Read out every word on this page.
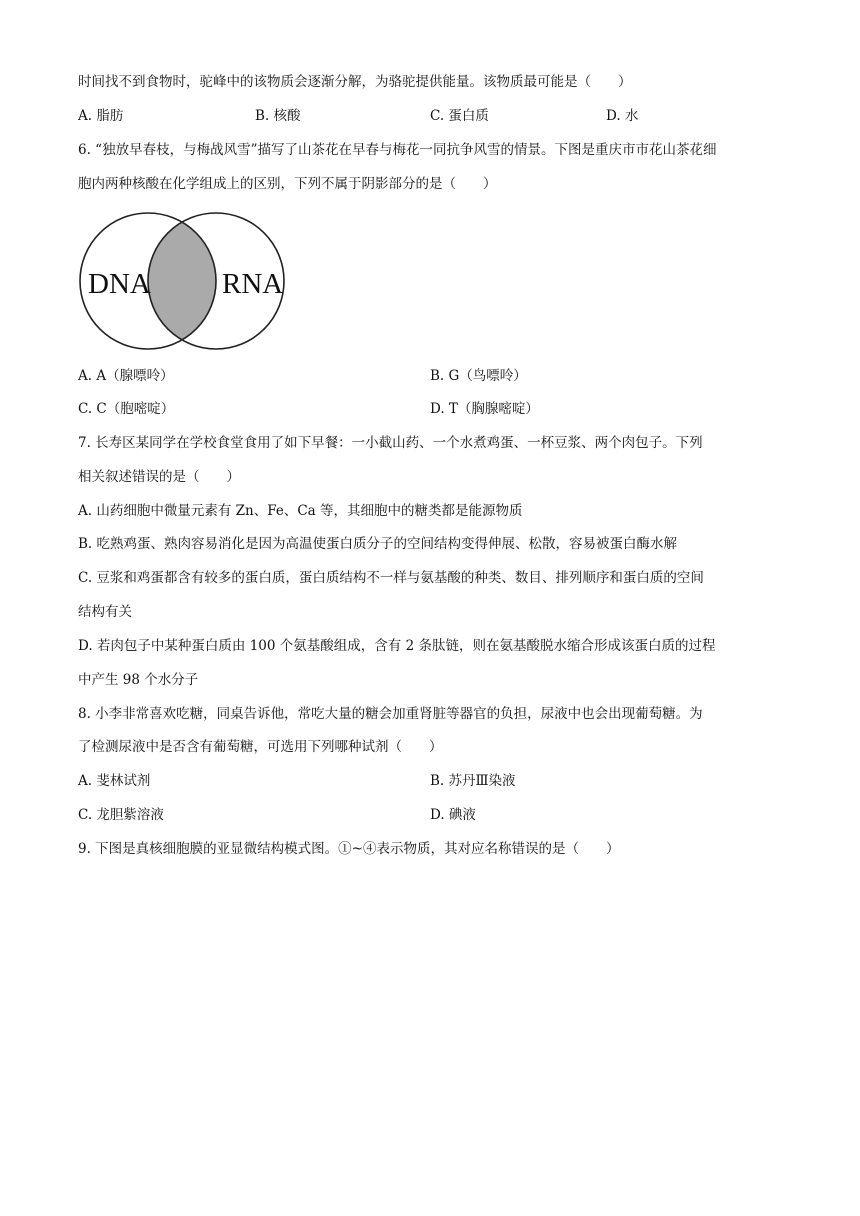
时间找不到食物时，驼峰中的该物质会逐渐分解，为骆驼提供能量。该物质最可能是（　　）
A. 脂肪	B. 核酸	C. 蛋白质	D. 水
6. “独放早春枝，与梅战风雪”描写了山茶花在早春与梅花一同抗争风雪的情景。下图是重庆市市花山茶花细
胞内两种核酸在化学组成上的区别，下列不属于阴影部分的是（　　）
DNA RNA
A. A（腺嘌呤）	B. G（鸟嘌呤）
C. C（胞嘧啶）	D. T（胸腺嘧啶）
7. 长寿区某同学在学校食堂食用了如下早餐：一小截山药、一个水煮鸡蛋、一杯豆浆、两个肉包子。下列
相关叙述错误的是（　　）
A. 山药细胞中微量元素有 Zn、Fe、Ca 等，其细胞中的糖类都是能源物质
B. 吃熟鸡蛋、熟肉容易消化是因为高温使蛋白质分子的空间结构变得伸展、松散，容易被蛋白酶水解
C. 豆浆和鸡蛋都含有较多的蛋白质，蛋白质结构不一样与氨基酸的种类、数目、排列顺序和蛋白质的空间
结构有关
D. 若肉包子中某种蛋白质由 100 个氨基酸组成，含有 2 条肽链，则在氨基酸脱水缩合形成该蛋白质的过程
中产生 98 个水分子
8. 小李非常喜欢吃糖，同桌告诉他，常吃大量的糖会加重肾脏等器官的负担，尿液中也会出现葡萄糖。为
了检测尿液中是否含有葡萄糖，可选用下列哪种试剂（　　）
A. 斐林试剂	B. 苏丹Ⅲ染液
C. 龙胆紫溶液	D. 碘液
9. 下图是真核细胞膜的亚显微结构模式图。①~④表示物质，其对应名称错误的是（　　）
